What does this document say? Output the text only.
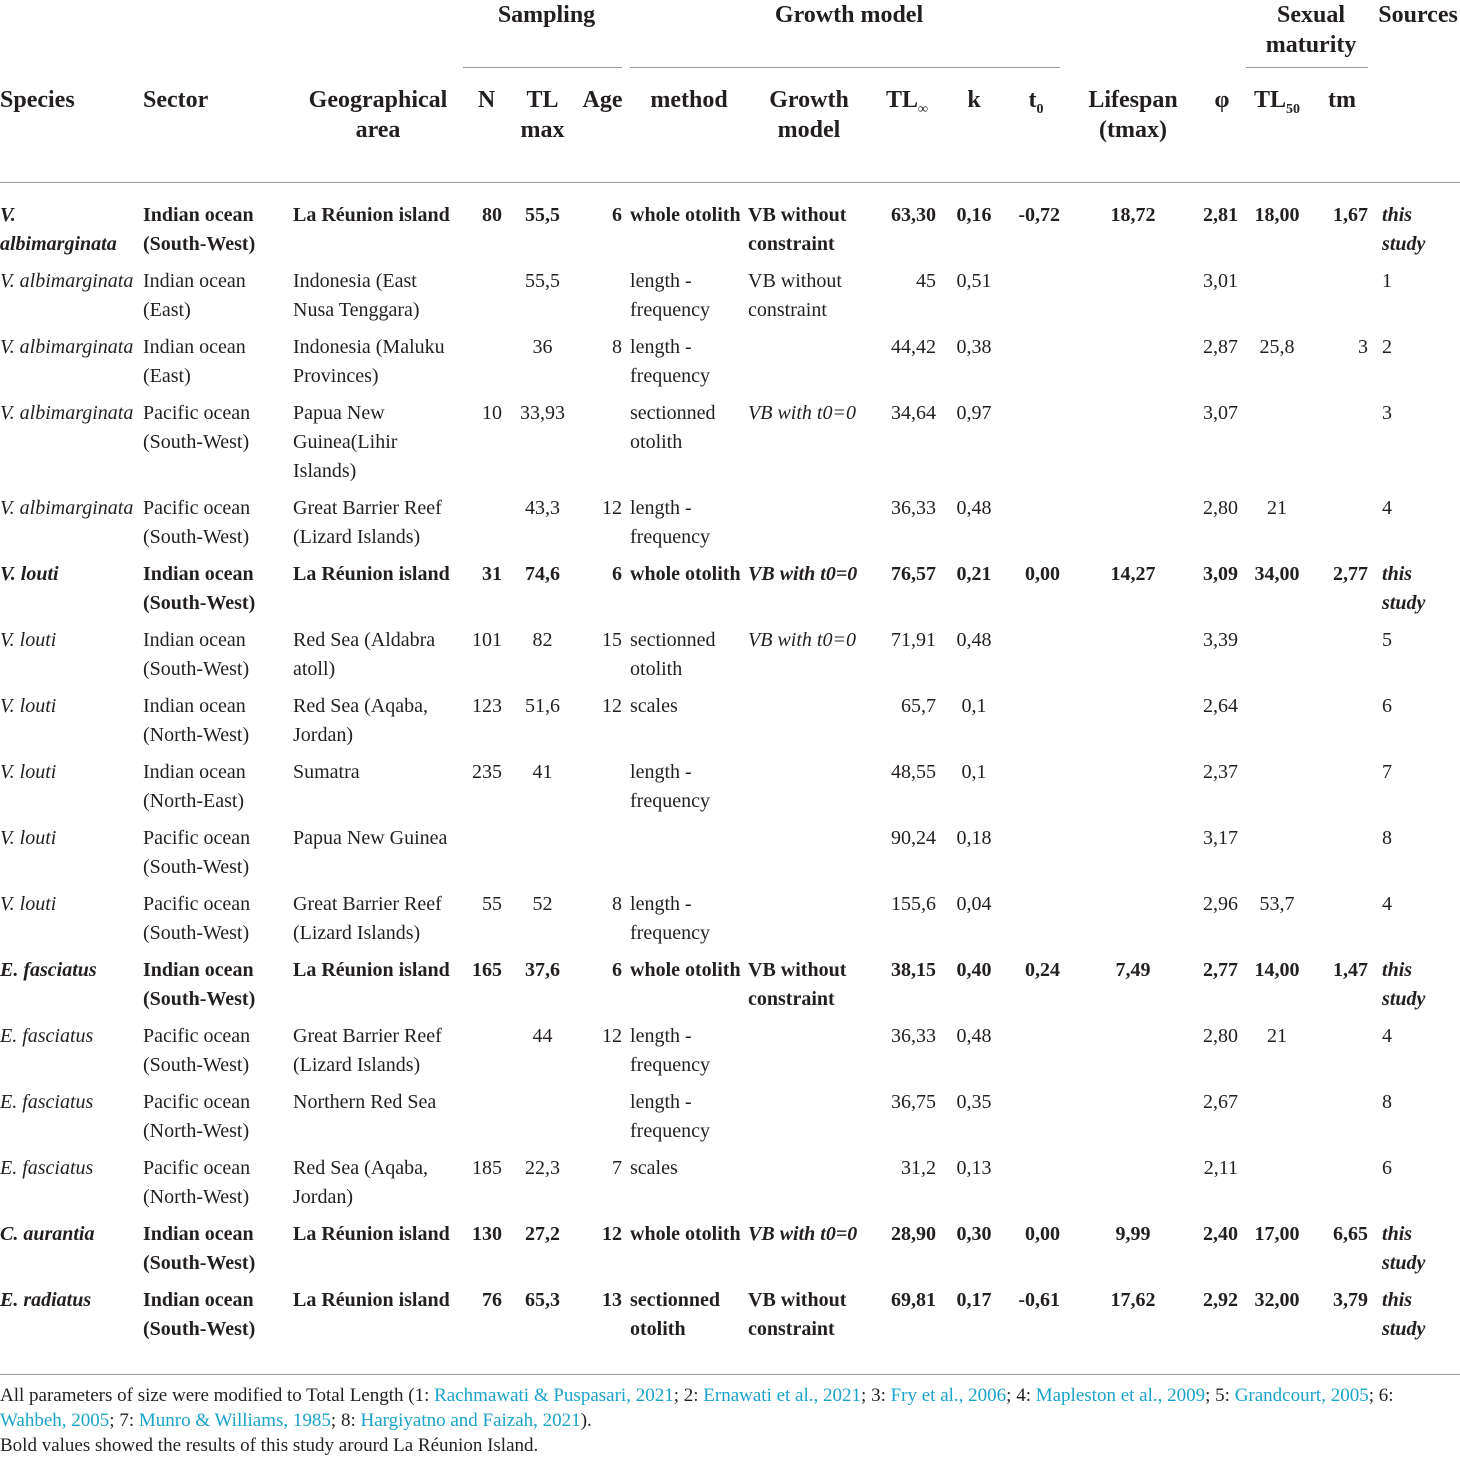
			Sampling			Growth model							Sexual maturity		Sources
Species	Sector	Geographical area	N	TL max	Age	method	Growth model	$TL_\infty$	k	$t_0$	Lifespan (tmax)	φ	$TL_{50}$	tm	
V. albimarginata	Indian ocean (South-West)	La Réunion island	80	55,5	6	whole otolith	VB without constraint	63,30	0,16	-0,72	18,72	2,81	18,00	1,67	this study
V. albimarginata	Indian ocean (East)	Indonesia (East Nusa Tenggara)		55,5		length - frequency	VB without constraint	45	0,51			3,01			1
V. albimarginata	Indian ocean (East)	Indonesia (Maluku Provinces)		36	8	length - frequency		44,42	0,38			2,87	25,8	3	2
V. albimarginata	Pacific ocean (South-West)	Papua New Guinea(Lihir Islands)	10	33,93		sectionned otolith	VB with t0=0	34,64	0,97			3,07			3
V. albimarginata	Pacific ocean (South-West)	Great Barrier Reef (Lizard Islands)		43,3	12	length - frequency		36,33	0,48			2,80	21		4
V. louti	Indian ocean (South-West)	La Réunion island	31	74,6	6	whole otolith	VB with t0=0	76,57	0,21	0,00	14,27	3,09	34,00	2,77	this study
V. louti	Indian ocean (South-West)	Red Sea (Aldabra atoll)	101	82	15	sectionned otolith	VB with t0=0	71,91	0,48			3,39			5
V. louti	Indian ocean (North-West)	Red Sea (Aqaba, Jordan)	123	51,6	12	scales		65,7	0,1			2,64			6
V. louti	Indian ocean (North-East)	Sumatra	235	41		length - frequency		48,55	0,1			2,37			7
V. louti	Pacific ocean (South-West)	Papua New Guinea						90,24	0,18			3,17			8
V. louti	Pacific ocean (South-West)	Great Barrier Reef (Lizard Islands)	55	52	8	length - frequency		155,6	0,04			2,96	53,7		4
E. fasciatus	Indian ocean (South-West)	La Réunion island	165	37,6	6	whole otolith	VB without constraint	38,15	0,40	0,24	7,49	2,77	14,00	1,47	this study
E. fasciatus	Pacific ocean (South-West)	Great Barrier Reef (Lizard Islands)		44	12	length - frequency		36,33	0,48			2,80	21		4
E. fasciatus	Pacific ocean (North-West)	Northern Red Sea				length - frequency		36,75	0,35			2,67			8
E. fasciatus	Pacific ocean (North-West)	Red Sea (Aqaba, Jordan)	185	22,3	7	scales		31,2	0,13			2,11			6
C. aurantia	Indian ocean (South-West)	La Réunion island	130	27,2	12	whole otolith	VB with t0=0	28,90	0,30	0,00	9,99	2,40	17,00	6,65	this study
E. radiatus	Indian ocean (South-West)	La Réunion island	76	65,3	13	sectionned otolith	VB without constraint	69,81	0,17	-0,61	17,62	2,92	32,00	3,79	this study
All parameters of size were modified to Total Length (1: Rachmawati & Puspasari, 2021; 2: Ernawati et al., 2021; 3: Fry et al., 2006; 4: Mapleston et al., 2009; 5: Grandcourt, 2005; 6: Wahbeh, 2005; 7: Munro & Williams, 1985; 8: Hargiyatno and Faizah, 2021).
Bold values showed the results of this study arourd La Réunion Island.
